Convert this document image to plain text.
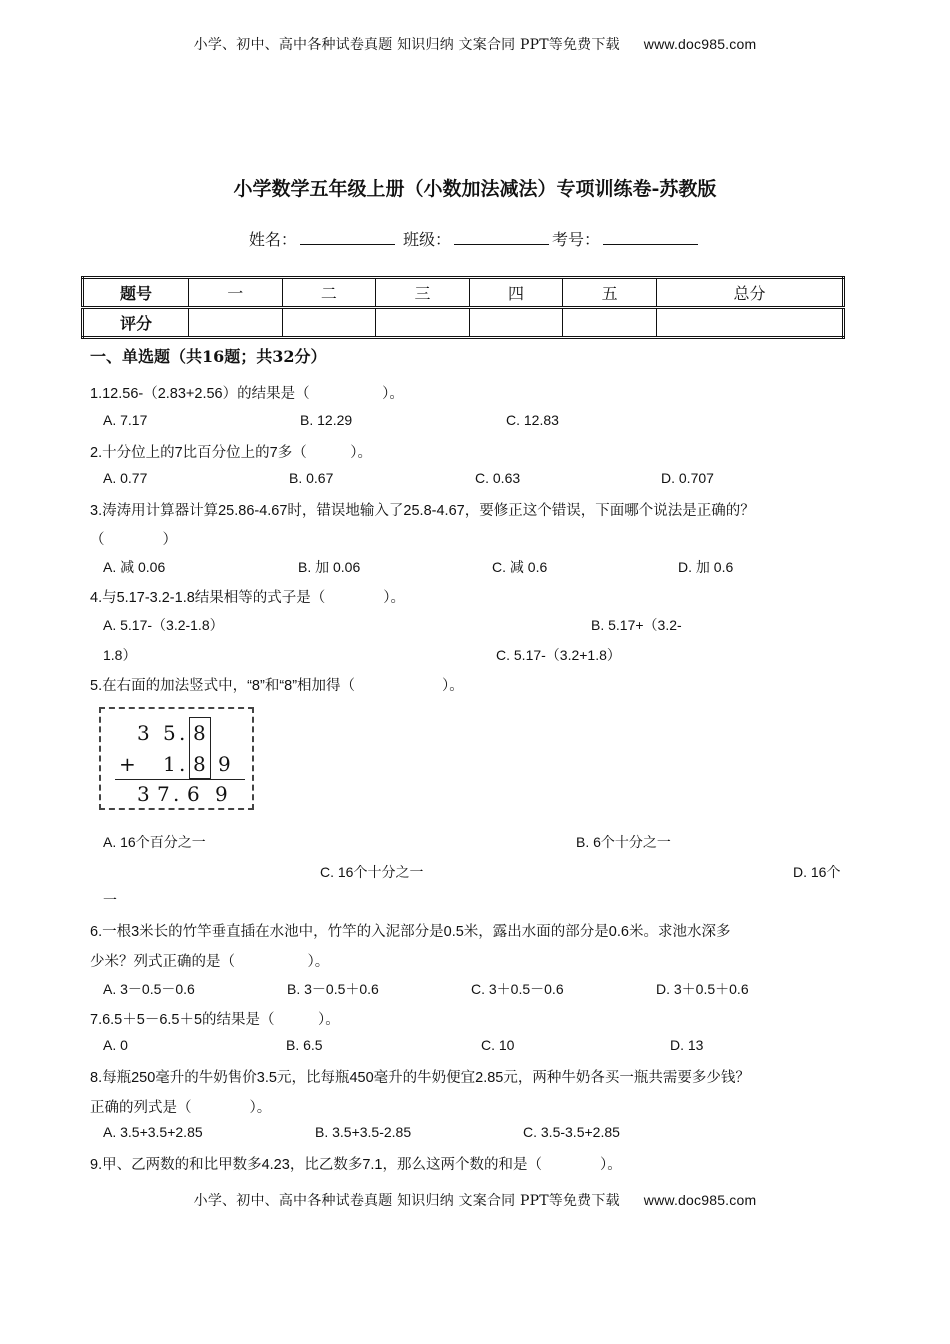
小学、初中、高中各种试卷真题 知识归纳 文案合同 PPT等免费下载 www.doc985.com
小学数学五年级上册（小数加法减法）专项训练卷-苏教版
姓名：	班级：	考号：
题号	一	二	三	四	五	总分
评分						
一、单选题（共16题；共32分）
1.12.56-（2.83+2.56）的结果是（　　　　　）。
A. 7.17	B. 12.29	C. 12.83
2.十分位上的7比百分位上的7多（　　　）。
A. 0.77	B. 0.67	C. 0.63	D. 0.707
3.涛涛用计算器计算25.86-4.67时，错误地输入了25.8-4.67，要修正这个错误，下面哪个说法是正确的？
（　　　　）
A. 减 0.06	B. 加 0.06	C. 减 0.6	D. 加 0.6
4.与5.17-3.2-1.8结果相等的式子是（　　　　）。
A. 5.17-（3.2-1.8）	B. 5.17+（3.2-
1.8）	C. 5.17-（3.2+1.8）
5.在右面的加法竖式中，“8”和“8”相加得（　　　　　　）。
3 5 . 8
+ 1 . 8 9
3 7 . 6 9
A. 16个百分之一	B. 6个十分之一
C. 16个十分之一	D. 16个
一
6.一根3米长的竹竿垂直插在水池中，竹竿的入泥部分是0.5米，露出水面的部分是0.6米。求池水深多
少米？列式正确的是（　　　　　）。
A. 3－0.5－0.6	B. 3－0.5＋0.6	C. 3＋0.5－0.6	D. 3＋0.5＋0.6
7.6.5＋5－6.5＋5的结果是（　　　）。
A. 0	B. 6.5	C. 10	D. 13
8.每瓶250毫升的牛奶售价3.5元，比每瓶450毫升的牛奶便宜2.85元，两种牛奶各买一瓶共需要多少钱？
正确的列式是（　　　　）。
A. 3.5+3.5+2.85	B. 3.5+3.5-2.85	C. 3.5-3.5+2.85
9.甲、乙两数的和比甲数多4.23，比乙数多7.1，那么这两个数的和是（　　　　）。
小学、初中、高中各种试卷真题 知识归纳 文案合同 PPT等免费下载 www.doc985.com
